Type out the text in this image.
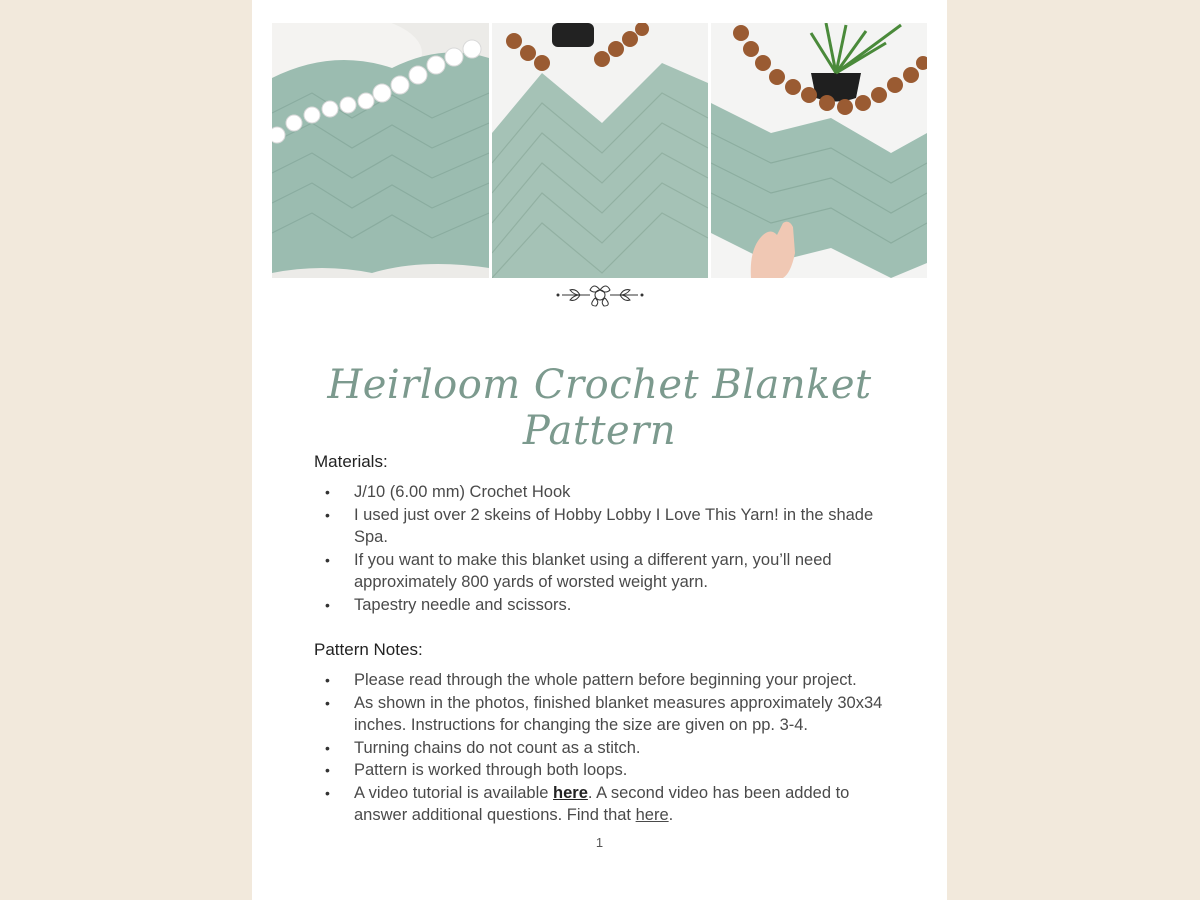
Heirloom Crochet Blanket Pattern
Materials:
• J/10 (6.00 mm) Crochet Hook
• I used just over 2 skeins of Hobby Lobby I Love This Yarn! in the shade Spa.
• If you want to make this blanket using a different yarn, you’ll need approximately 800 yards of worsted weight yarn.
• Tapestry needle and scissors.
Pattern Notes:
• Please read through the whole pattern before beginning your project.
• As shown in the photos, finished blanket measures approximately 30x34 inches. Instructions for changing the size are given on pp. 3-4.
• Turning chains do not count as a stitch.
• Pattern is worked through both loops.
• A video tutorial is available here. A second video has been added to answer additional questions. Find that here.
1
